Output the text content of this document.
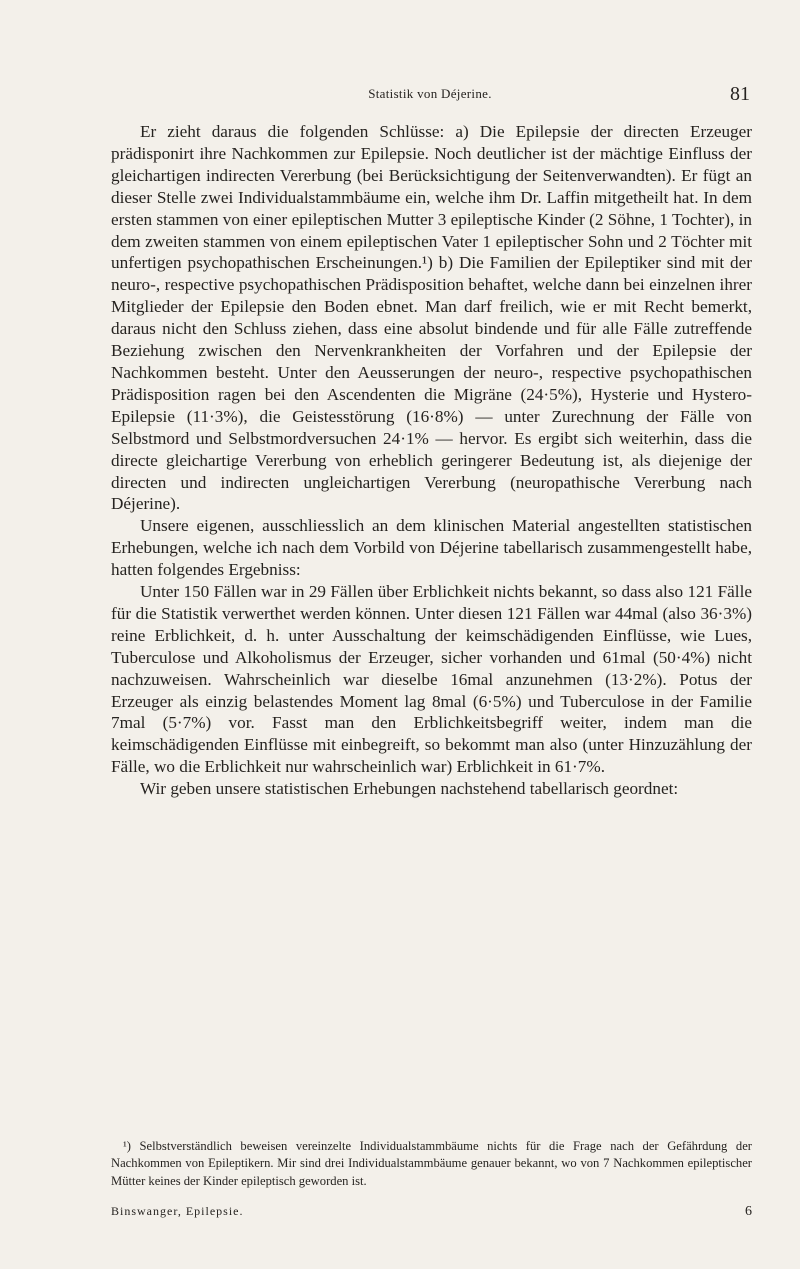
Statistik von Déjerine.	81

Er zieht daraus die folgenden Schlüsse: a) Die Epilepsie der directen Erzeuger prädisponirt ihre Nachkommen zur Epilepsie. Noch deutlicher ist der mächtige Einfluss der gleichartigen indirecten Vererbung (bei Berücksichtigung der Seitenverwandten). Er fügt an dieser Stelle zwei Individualstammbäume ein, welche ihm Dr. Laffin mitgetheilt hat. In dem ersten stammen von einer epileptischen Mutter 3 epileptische Kinder (2 Söhne, 1 Tochter), in dem zweiten stammen von einem epileptischen Vater 1 epileptischer Sohn und 2 Töchter mit unfertigen psychopathischen Erscheinungen.¹) b) Die Familien der Epileptiker sind mit der neuro-, respective psychopathischen Prädisposition behaftet, welche dann bei einzelnen ihrer Mitglieder der Epilepsie den Boden ebnet. Man darf freilich, wie er mit Recht bemerkt, daraus nicht den Schluss ziehen, dass eine absolut bindende und für alle Fälle zutreffende Beziehung zwischen den Nervenkrankheiten der Vorfahren und der Epilepsie der Nachkommen besteht. Unter den Aeusserungen der neuro-, respective psychopathischen Prädisposition ragen bei den Ascendenten die Migräne (24·5%), Hysterie und Hystero-Epilepsie (11·3%), die Geistesstörung (16·8%) — unter Zurechnung der Fälle von Selbstmord und Selbstmordversuchen 24·1% — hervor. Es ergibt sich weiterhin, dass die directe gleichartige Vererbung von erheblich geringerer Bedeutung ist, als diejenige der directen und indirecten ungleichartigen Vererbung (neuropathische Vererbung nach Déjerine).

Unsere eigenen, ausschliesslich an dem klinischen Material angestellten statistischen Erhebungen, welche ich nach dem Vorbild von Déjerine tabellarisch zusammengestellt habe, hatten folgendes Ergebniss:

Unter 150 Fällen war in 29 Fällen über Erblichkeit nichts bekannt, so dass also 121 Fälle für die Statistik verwerthet werden können. Unter diesen 121 Fällen war 44mal (also 36·3%) reine Erblichkeit, d. h. unter Ausschaltung der keimschädigenden Einflüsse, wie Lues, Tuberculose und Alkoholismus der Erzeuger, sicher vorhanden und 61mal (50·4%) nicht nachzuweisen. Wahrscheinlich war dieselbe 16mal anzunehmen (13·2%). Potus der Erzeuger als einzig belastendes Moment lag 8mal (6·5%) und Tuberculose in der Familie 7mal (5·7%) vor. Fasst man den Erblichkeitsbegriff weiter, indem man die keimschädigenden Einflüsse mit einbegreift, so bekommt man also (unter Hinzuzählung der Fälle, wo die Erblichkeit nur wahrscheinlich war) Erblichkeit in 61·7%.

Wir geben unsere statistischen Erhebungen nachstehend tabellarisch geordnet:

¹) Selbstverständlich beweisen vereinzelte Individualstammbäume nichts für die Frage nach der Gefährdung der Nachkommen von Epileptikern. Mir sind drei Individualstammbäume genauer bekannt, wo von 7 Nachkommen epileptischer Mütter keines der Kinder epileptisch geworden ist.

Binswanger, Epilepsie.	6
